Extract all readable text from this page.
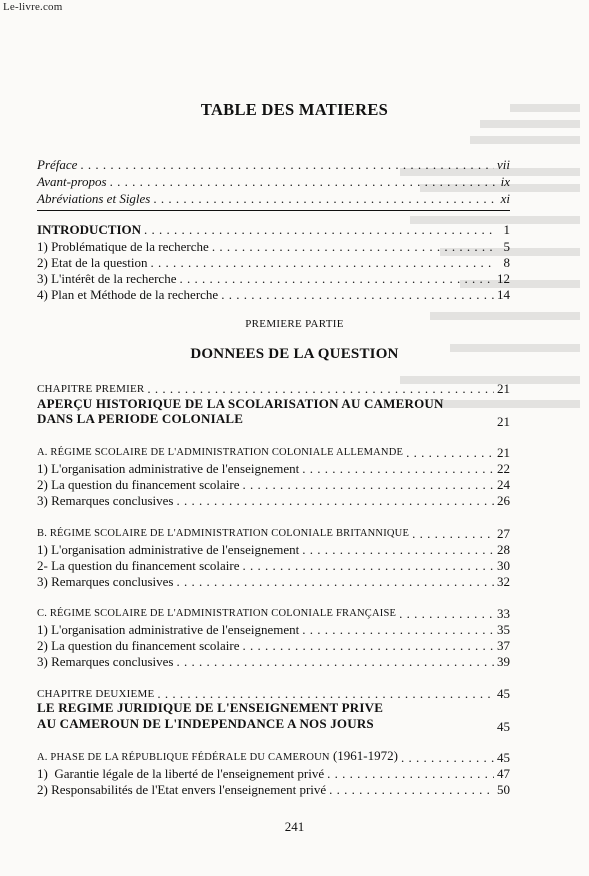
Le-livre.com
TABLE DES MATIERES
Préface . . .	vii
Avant-propos . . .	ix
Abréviations et Sigles . . .	xi
INTRODUCTION . . .	1
1) Problématique de la recherche . . .	5
2) Etat de la question . . .	8
3) L'intérêt de la recherche . . .	12
4) Plan et Méthode de la recherche . . .	14
PREMIERE PARTIE
DONNEES DE LA QUESTION
CHAPITRE PREMIER . . .	21
APERÇU HISTORIQUE DE LA SCOLARISATION AU CAMEROUN
DANS LA PERIODE COLONIALE	21
A. RÉGIME SCOLAIRE DE L'ADMINISTRATION COLONIALE ALLEMANDE . . .	21
1) L'organisation administrative de l'enseignement . . .	22
2) La question du financement scolaire . . .	24
3) Remarques conclusives . . .	26
B. RÉGIME SCOLAIRE DE L'ADMINISTRATION COLONIALE BRITANNIQUE . . .	27
1) L'organisation administrative de l'enseignement . . .	28
2- La question du financement scolaire . . .	30
3) Remarques conclusives . . .	32
C. RÉGIME SCOLAIRE DE L'ADMINISTRATION COLONIALE FRANÇAISE . . .	33
1) L'organisation administrative de l'enseignement . . .	35
2) La question du financement scolaire . . .	37
3) Remarques conclusives . . .	39
CHAPITRE DEUXIEME . . .	45
LE REGIME JURIDIQUE DE L'ENSEIGNEMENT PRIVE
AU CAMEROUN DE L'INDEPENDANCE A NOS JOURS	45
A. PHASE DE LA RÉPUBLIQUE FÉDÉRALE DU CAMEROUN (1961-1972) . . .	45
1)  Garantie légale de la liberté de l'enseignement privé . . .	47
2) Responsabilités de l'Etat envers l'enseignement privé . . .	50
241
